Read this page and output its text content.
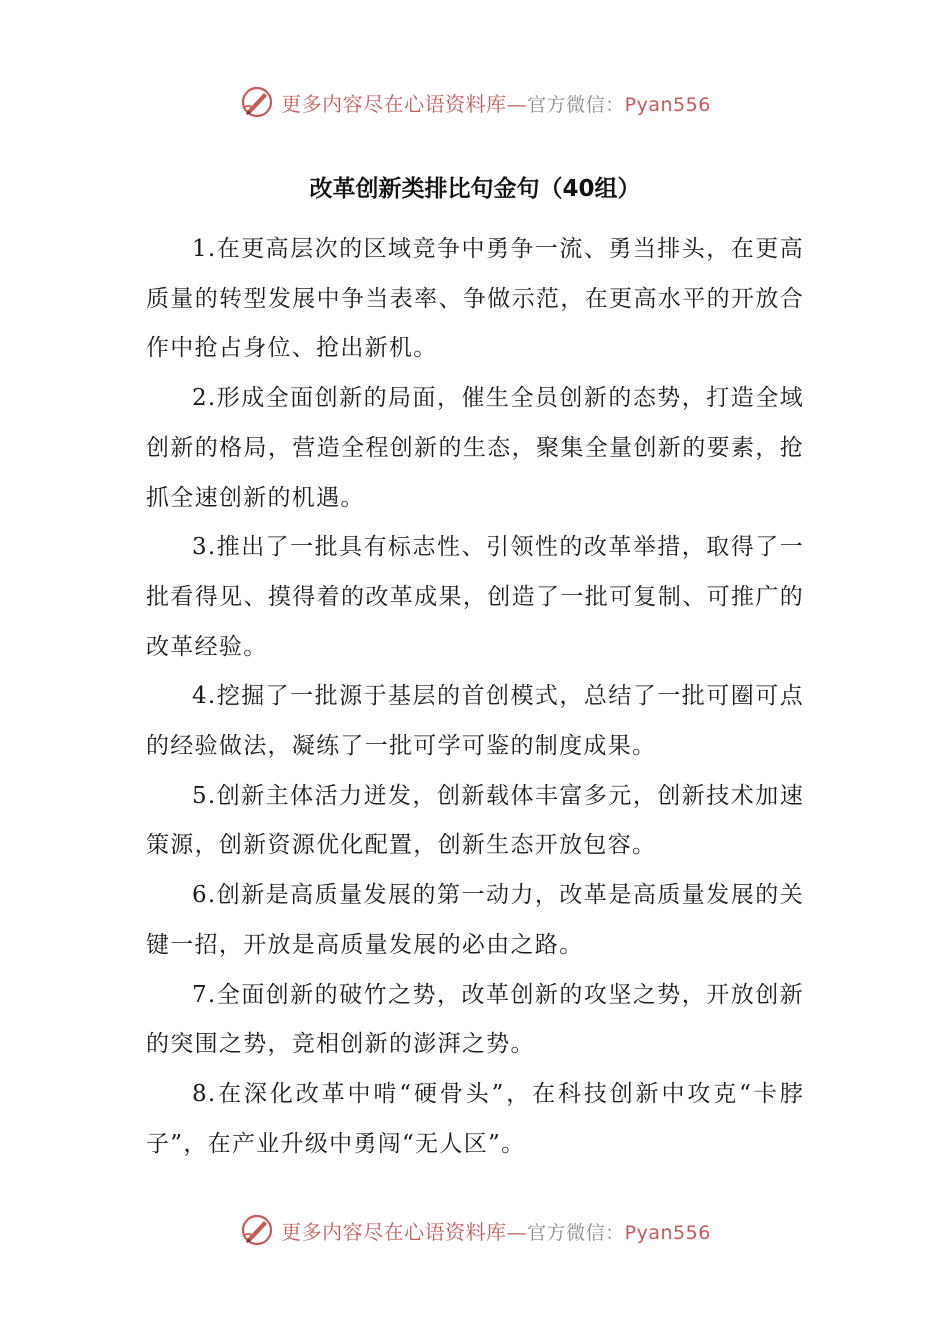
更多内容尽在心语资料库—官方微信：Pyan556
改革创新类排比句金句（40组）

1.在更高层次的区域竞争中勇争一流、勇当排头，在更高质量的转型发展中争当表率、争做示范，在更高水平的开放合作中抢占身位、抢出新机。

2.形成全面创新的局面，催生全员创新的态势，打造全域创新的格局，营造全程创新的生态，聚集全量创新的要素，抢抓全速创新的机遇。

3.推出了一批具有标志性、引领性的改革举措，取得了一批看得见、摸得着的改革成果，创造了一批可复制、可推广的改革经验。

4.挖掘了一批源于基层的首创模式，总结了一批可圈可点的经验做法，凝练了一批可学可鉴的制度成果。

5.创新主体活力迸发，创新载体丰富多元，创新技术加速策源，创新资源优化配置，创新生态开放包容。

6.创新是高质量发展的第一动力，改革是高质量发展的关键一招，开放是高质量发展的必由之路。

7.全面创新的破竹之势，改革创新的攻坚之势，开放创新的突围之势，竞相创新的澎湃之势。

8.在深化改革中啃“硬骨头”，在科技创新中攻克“卡脖子”，在产业升级中勇闯“无人区”。

更多内容尽在心语资料库—官方微信：Pyan556
